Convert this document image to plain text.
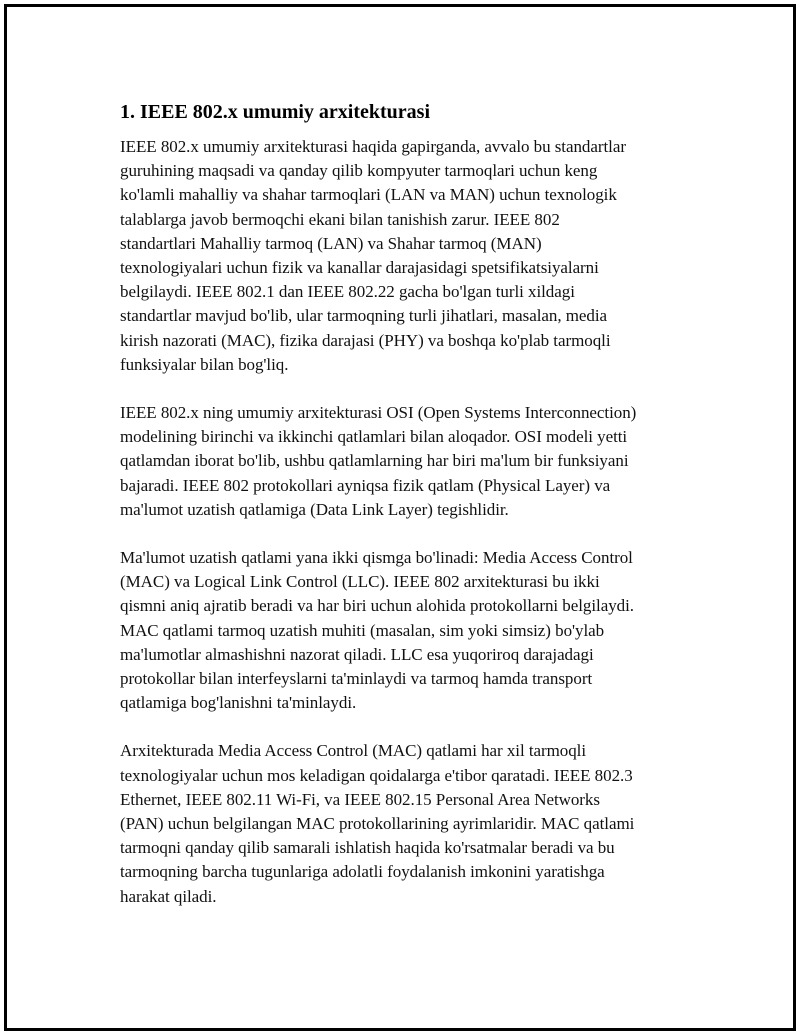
1. IEEE 802.x umumiy arxitekturasi

IEEE 802.x umumiy arxitekturasi haqida gapirganda, avvalo bu standartlar
guruhining maqsadi va qanday qilib kompyuter tarmoqlari uchun keng
ko'lamli mahalliy va shahar tarmoqlari (LAN va MAN) uchun texnologik
talablarga javob bermoqchi ekani bilan tanishish zarur. IEEE 802
standartlari Mahalliy tarmoq (LAN) va Shahar tarmoq (MAN)
texnologiyalari uchun fizik va kanallar darajasidagi spetsifikatsiyalarni
belgilaydi. IEEE 802.1 dan IEEE 802.22 gacha bo'lgan turli xildagi
standartlar mavjud bo'lib, ular tarmoqning turli jihatlari, masalan, media
kirish nazorati (MAC), fizika darajasi (PHY) va boshqa ko'plab tarmoqli
funksiyalar bilan bog'liq.

IEEE 802.x ning umumiy arxitekturasi OSI (Open Systems Interconnection)
modelining birinchi va ikkinchi qatlamlari bilan aloqador. OSI modeli yetti
qatlamdan iborat bo'lib, ushbu qatlamlarning har biri ma'lum bir funksiyani
bajaradi. IEEE 802 protokollari ayniqsa fizik qatlam (Physical Layer) va
ma'lumot uzatish qatlamiga (Data Link Layer) tegishlidir.

Ma'lumot uzatish qatlami yana ikki qismga bo'linadi: Media Access Control
(MAC) va Logical Link Control (LLC). IEEE 802 arxitekturasi bu ikki
qismni aniq ajratib beradi va har biri uchun alohida protokollarni belgilaydi.
MAC qatlami tarmoq uzatish muhiti (masalan, sim yoki simsiz) bo'ylab
ma'lumotlar almashishni nazorat qiladi. LLC esa yuqoriroq darajadagi
protokollar bilan interfeyslarni ta'minlaydi va tarmoq hamda transport
qatlamiga bog'lanishni ta'minlaydi.

Arxitekturada Media Access Control (MAC) qatlami har xil tarmoqli
texnologiyalar uchun mos keladigan qoidalarga e'tibor qaratadi. IEEE 802.3
Ethernet, IEEE 802.11 Wi-Fi, va IEEE 802.15 Personal Area Networks
(PAN) uchun belgilangan MAC protokollarining ayrimlaridir. MAC qatlami
tarmoqni qanday qilib samarali ishlatish haqida ko'rsatmalar beradi va bu
tarmoqning barcha tugunlariga adolatli foydalanish imkonini yaratishga
harakat qiladi.
